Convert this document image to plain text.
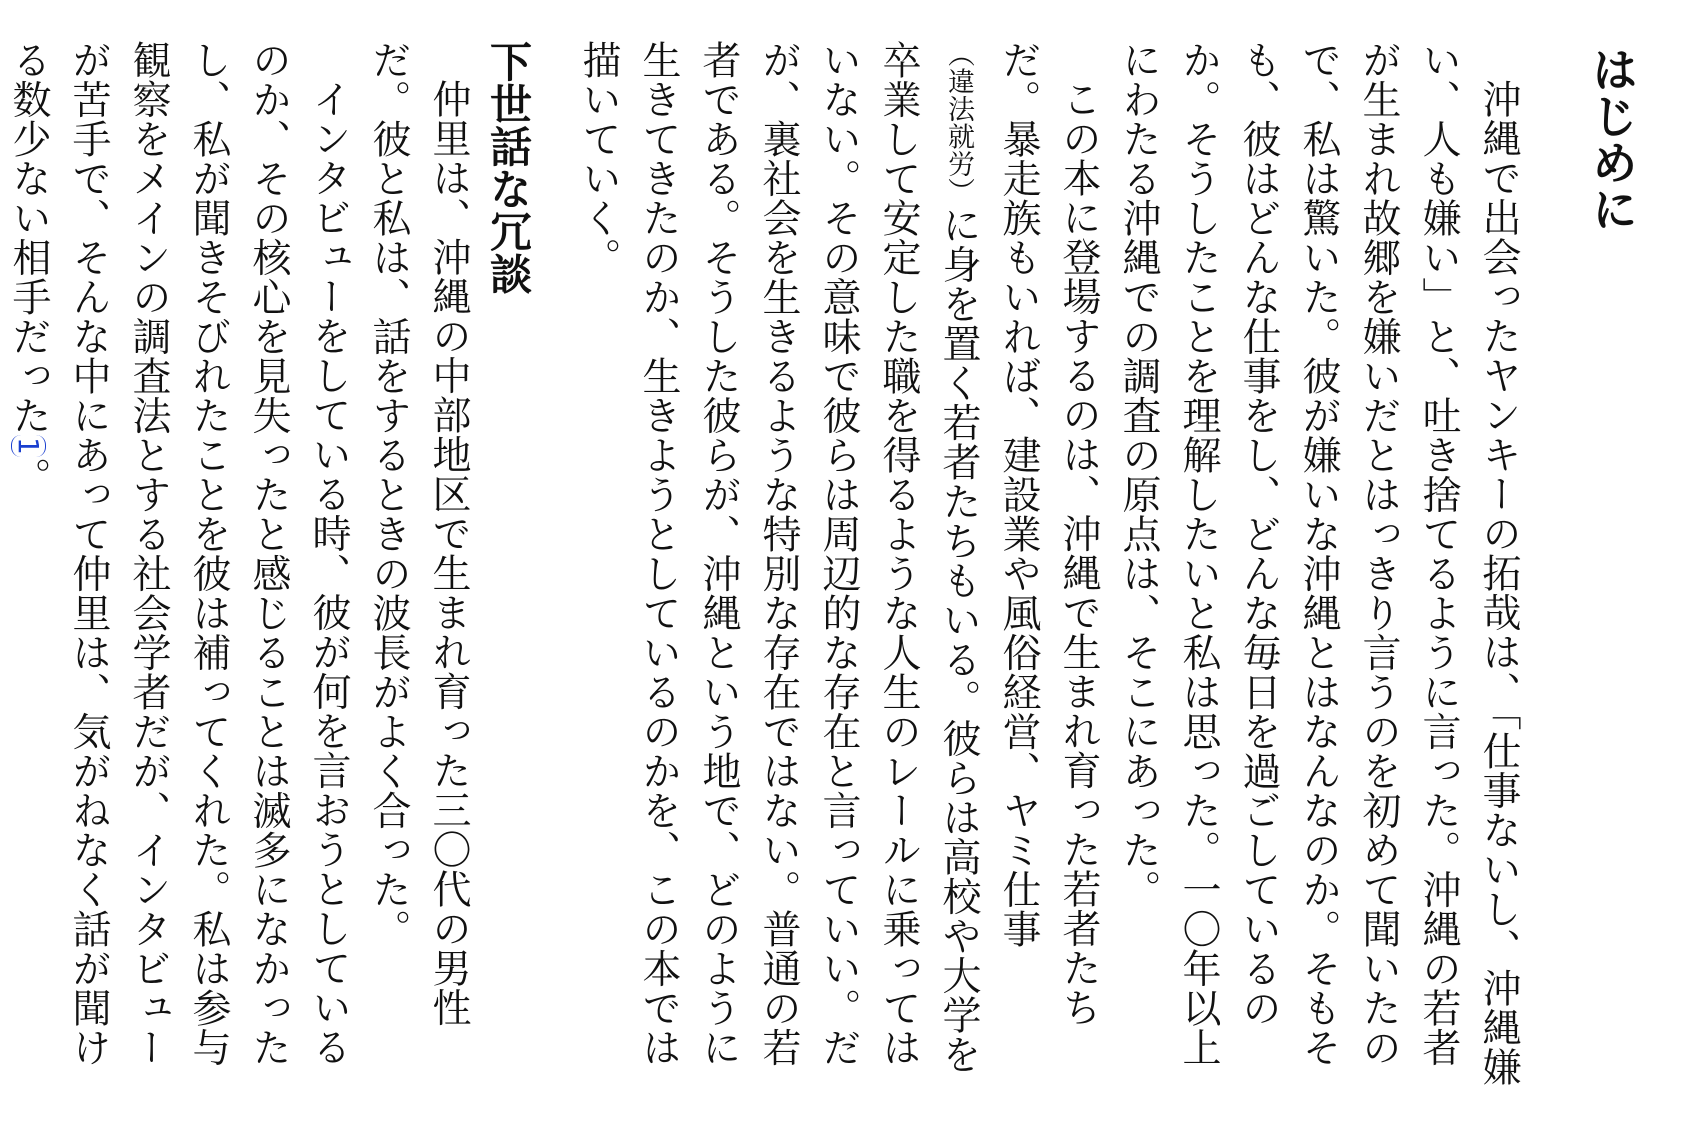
はじめに

沖縄で出会ったヤンキーの拓哉は、「仕事ないし、沖縄嫌い、人も嫌い」と、吐き捨てるように言った。沖縄の若者が生まれ故郷を嫌いだとはっきり言うのを初めて聞いたので、私は驚いた。彼が嫌いな沖縄とはなんなのか。そもそも、彼はどんな仕事をし、どんな毎日を過ごしているのか。そうしたことを理解したいと私は思った。一〇年以上にわたる沖縄での調査の原点は、そこにあった。

この本に登場するのは、沖縄で生まれ育った若者たちだ。暴走族もいれば、建設業や風俗経営、ヤミ仕事（違法就労）に身を置く若者たちもいる。彼らは高校や大学を卒業して安定した職を得るような人生のレールに乗ってはいない。その意味で彼らは周辺的な存在と言っていい。だが、裏社会を生きるような特別な存在ではない。普通の若者である。そうした彼らが、沖縄という地で、どのように生きてきたのか、生きようとしているのかを、この本では描いていく。

下世話な冗談

仲里は、沖縄の中部地区で生まれ育った三〇代の男性だ。彼と私は、話をするときの波長がよく合った。

インタビューをしている時、彼が何を言おうとしているのか、その核心を見失ったと感じることは滅多になかったし、私が聞きそびれたことを彼は補ってくれた。私は参与観察をメインの調査法とする社会学者だが、インタビューが苦手で、そんな中にあって仲里は、気がねなく話が聞ける数少ない相手だった1。
